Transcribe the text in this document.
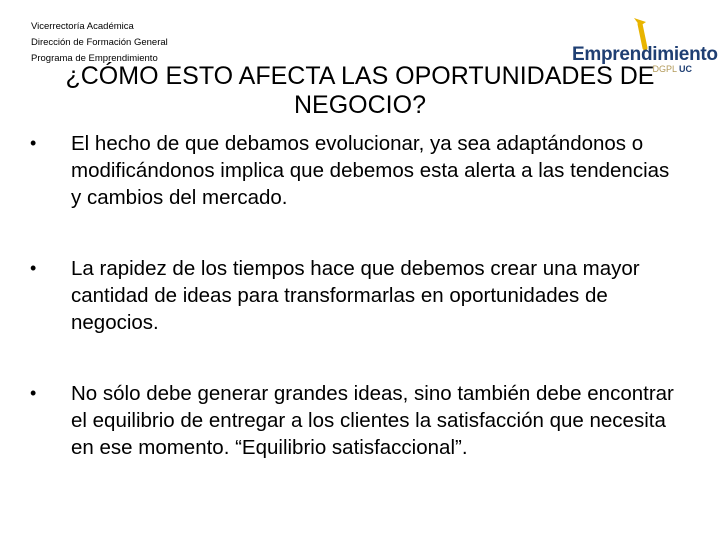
Vicerrectoría Académica
Dirección de Formación General
Programa de Emprendimiento	Emprendimiento
DGPL UC
¿CÓMO ESTO AFECTA LAS OPORTUNIDADES DE NEGOCIO?
• El hecho de que debamos evolucionar, ya sea adaptándonos o modificándonos implica que debemos esta alerta a las tendencias y cambios del mercado.
• La rapidez de los tiempos hace que debemos crear una mayor cantidad de ideas para transformarlas en oportunidades de negocios.
• No sólo debe generar grandes ideas, sino también debe encontrar el equilibrio de entregar a los clientes la satisfacción que necesita en ese momento. “Equilibrio satisfaccional”.
